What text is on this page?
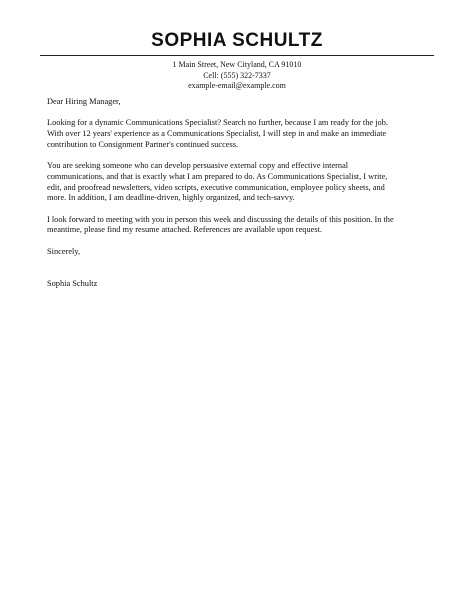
SOPHIA SCHULTZ
1 Main Street, New Cityland, CA 91010
Cell: (555) 322-7337
example-email@example.com
Dear Hiring Manager,
Looking for a dynamic Communications Specialist? Search no further, because I am ready for the job.
With over 12 years' experience as a Communications Specialist, I will step in and make an immediate
contribution to Consignment Partner's continued success.
You are seeking someone who can develop persuasive external copy and effective internal
communications, and that is exactly what I am prepared to do. As Communications Specialist, I write,
edit, and proofread newsletters, video scripts, executive communication, employee policy sheets, and
more. In addition, I am deadline-driven, highly organized, and tech-savvy.
I look forward to meeting with you in person this week and discussing the details of this position. In the
meantime, please find my resume attached. References are available upon request.
Sincerely,
Sophia Schultz
